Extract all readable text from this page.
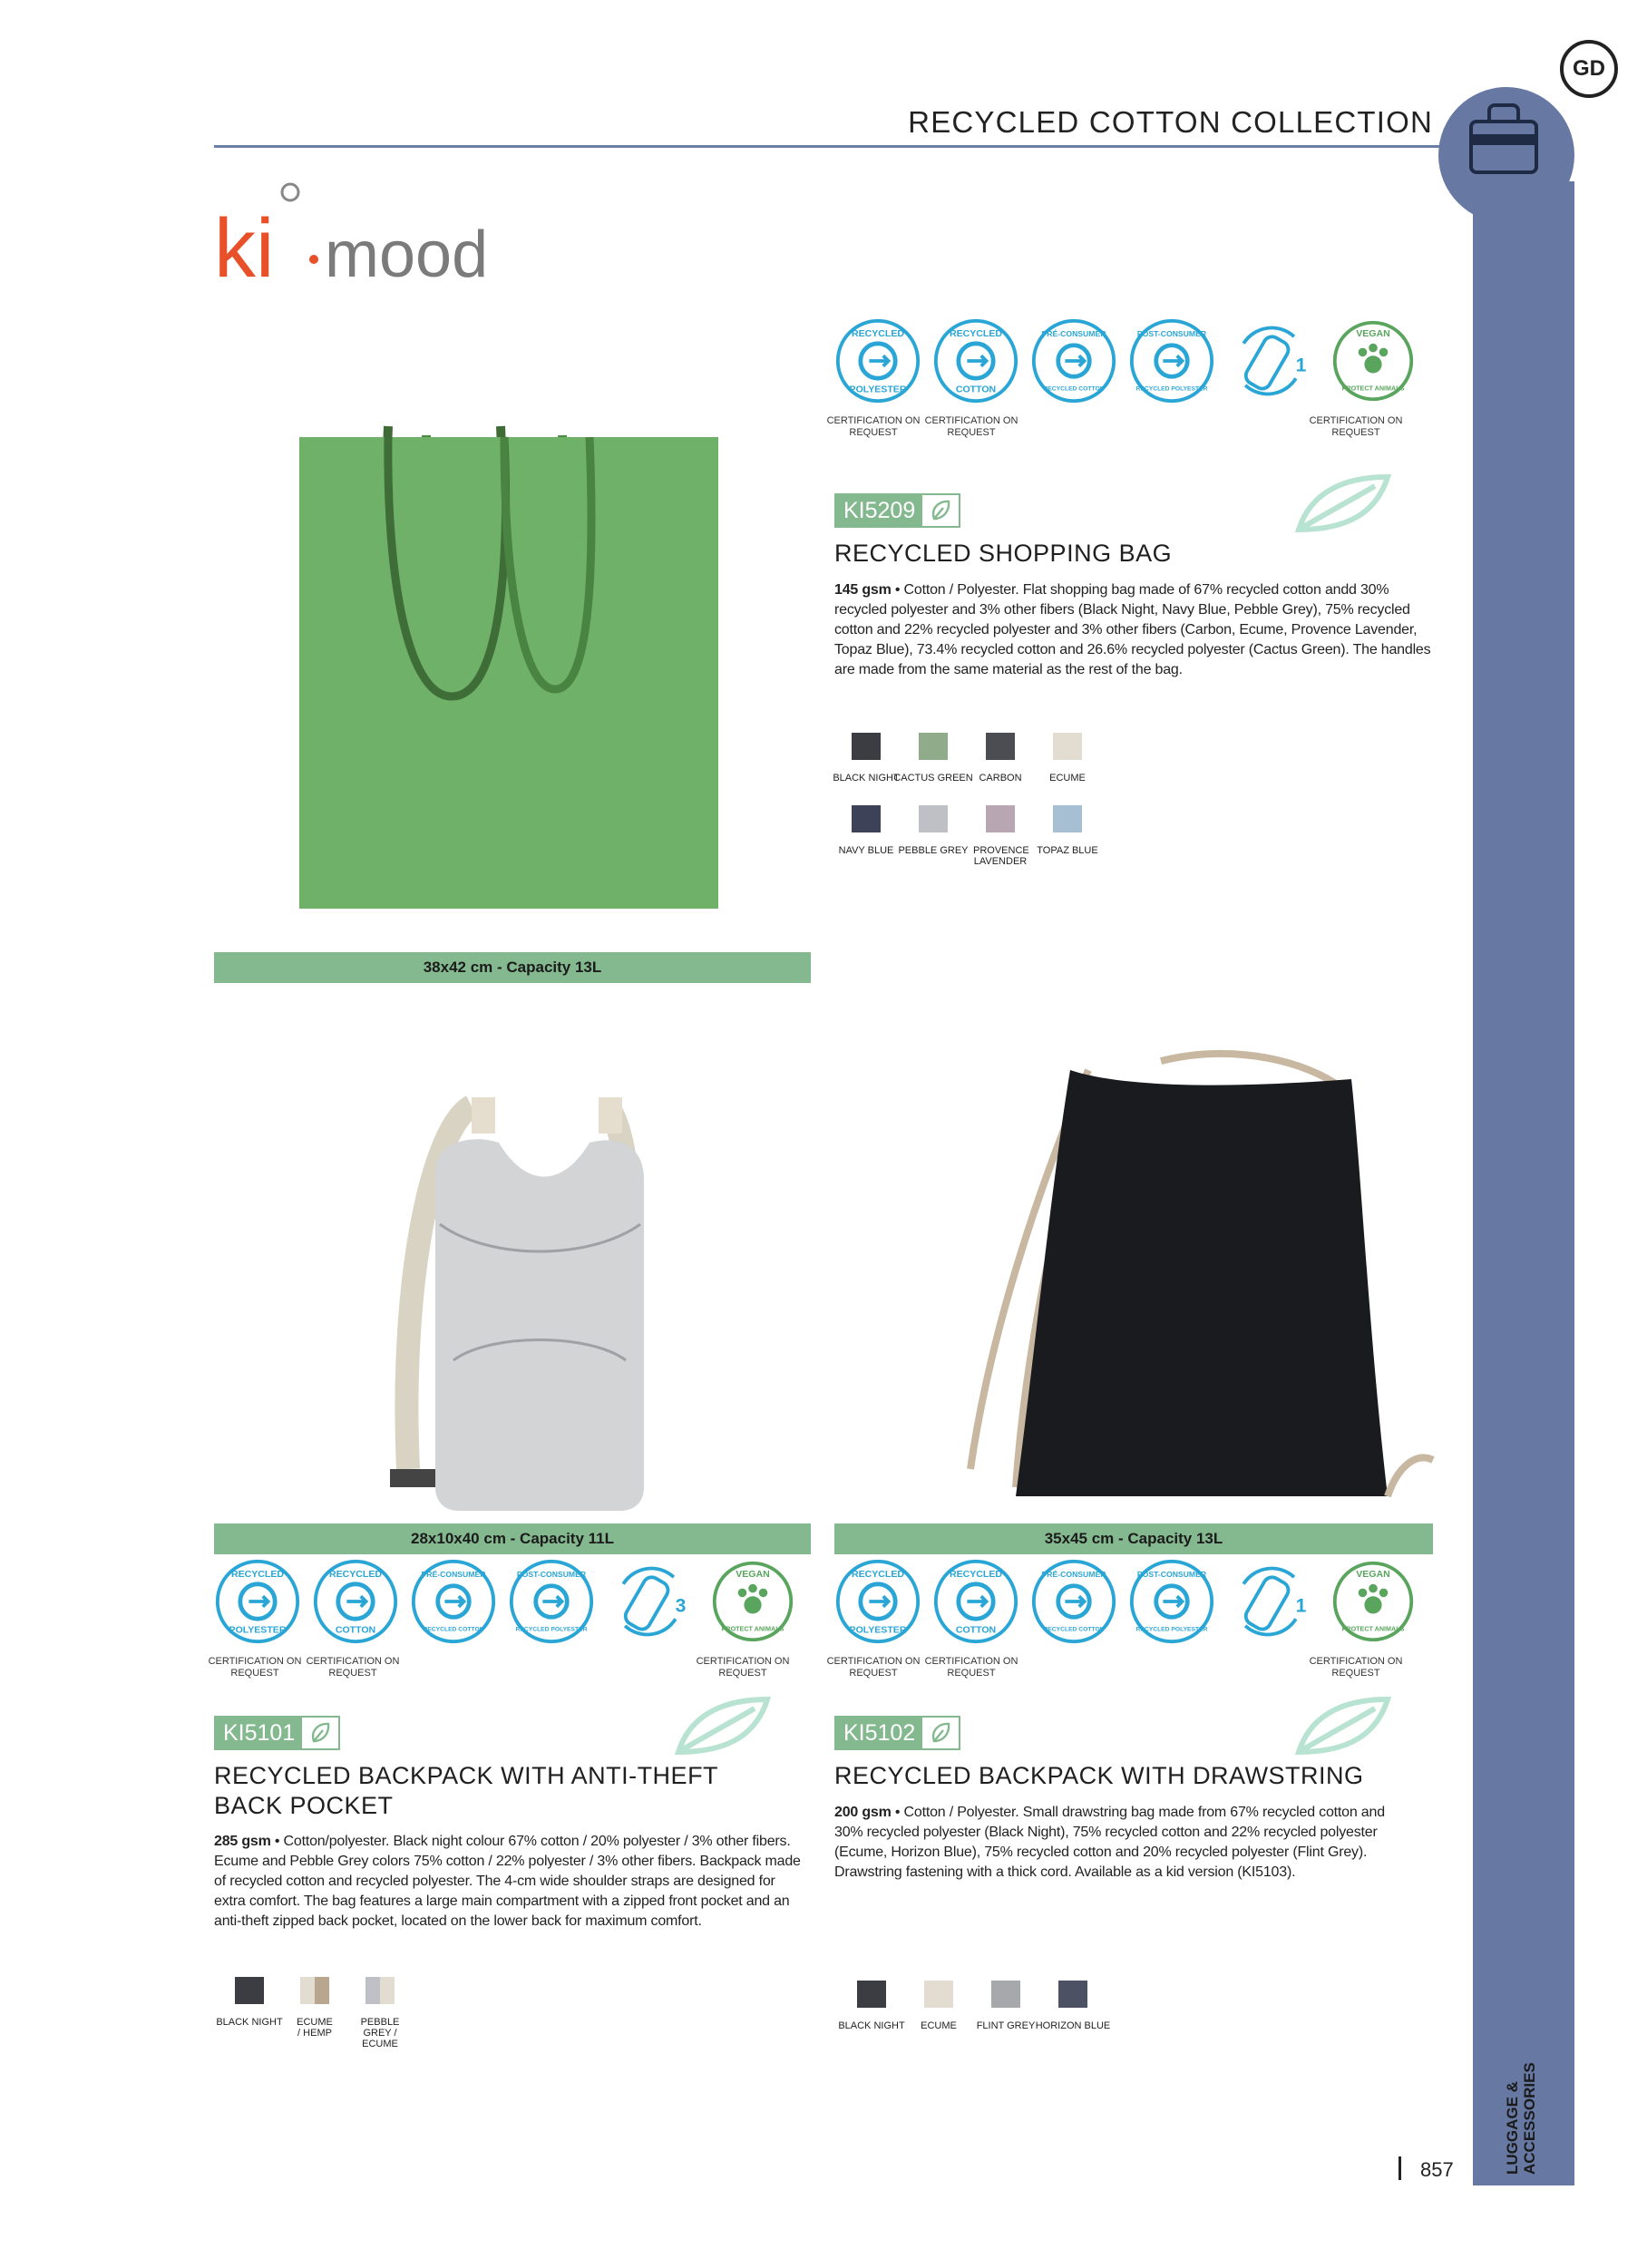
RECYCLED COTTON COLLECTION
GD
LUGGAGE & ACCESSORIES
857
ki mood
38x42 cm - Capacity 13L
RECYCLED
POLYESTER
RECYCLED
COTTON
PRÉ-CONSUMER
RECYCLED COTTON
POST-CONSUMER
RECYCLED POLYESTER
1
VEGAN
PROTECT ANIMALS
CERTIFICATION ON REQUEST
CERTIFICATION ON REQUEST
CERTIFICATION ON REQUEST
KI5209
RECYCLED SHOPPING BAG
145 gsm • Cotton / Polyester. Flat shopping bag made of 67% recycled cotton andd 30% recycled polyester and 3% other fibers (Black Night, Navy Blue, Pebble Grey), 75% recycled cotton and 22% recycled polyester and 3% other fibers (Carbon, Ecume, Provence Lavender, Topaz Blue), 73.4% recycled cotton and 26.6% recycled polyester (Cactus Green). The handles are made from the same material as the rest of the bag.
BLACK NIGHT
CACTUS GREEN CARBON	ECUME
NAVY BLUE PEBBLE GREY PROVENCE LAVENDER
TOPAZ BLUE
28x10x40 cm - Capacity 11L
RECYCLED
POLYESTER
RECYCLED
COTTON
PRÉ-CONSUMER
RECYCLED COTTON
POST-CONSUMER
RECYCLED POLYESTER
3
VEGAN
PROTECT ANIMALS
CERTIFICATION ON REQUEST
CERTIFICATION ON REQUEST
CERTIFICATION ON REQUEST
KI5101
RECYCLED BACKPACK WITH ANTI-THEFT
BACK POCKET
285 gsm • Cotton/polyester. Black night colour 67% cotton / 20% polyester / 3% other fibers. Ecume and Pebble Grey colors 75% cotton / 22% polyester / 3% other fibers. Backpack made of recycled cotton and recycled polyester. The 4-cm wide shoulder straps are designed for extra comfort. The bag features a large main compartment with a zipped front pocket and an anti-theft zipped back pocket, located on the lower back for maximum comfort.
BLACK NIGHT	ECUME / HEMP
PEBBLE GREY / ECUME
35x45 cm - Capacity 13L
RECYCLED
POLYESTER
RECYCLED
COTTON
PRÉ-CONSUMER
RECYCLED COTTON
POST-CONSUMER
RECYCLED POLYESTER
1
VEGAN
PROTECT ANIMALS
CERTIFICATION ON REQUEST
CERTIFICATION ON REQUEST
CERTIFICATION ON REQUEST
KI5102
RECYCLED BACKPACK WITH DRAWSTRING
200 gsm • Cotton / Polyester. Small drawstring bag made from 67% recycled cotton and 30% recycled polyester (Black Night), 75% recycled cotton and 22% recycled polyester (Ecume, Horizon Blue), 75% recycled cotton and 20% recycled polyester (Flint Grey). Drawstring fastening with a thick cord. Available as a kid version (KI5103).
BLACK NIGHT	ECUME	FLINT GREY HORIZON BLUE
